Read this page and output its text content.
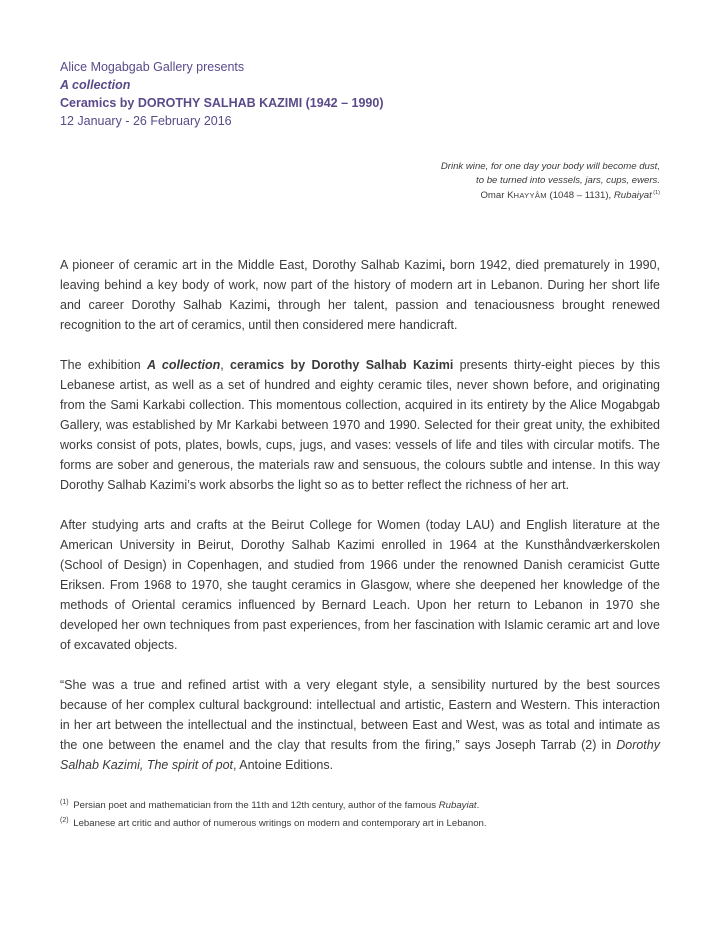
Alice Mogabgab Gallery presents
A collection
Ceramics by DOROTHY SALHAB KAZIMI (1942 – 1990)
12 January - 26 February 2016
Drink wine, for one day your body will become dust,
to be turned into vessels, jars, cups, ewers.
Omar KHAYYÂM (1048 – 1131), Rubaiyat $^{(1)}$

A pioneer of ceramic art in the Middle East, Dorothy Salhab Kazimi, born 1942, died prematurely in 1990, leaving behind a key body of work, now part of the history of modern art in Lebanon. During her short life and career Dorothy Salhab Kazimi, through her talent, passion and tenaciousness brought renewed recognition to the art of ceramics, until then considered mere handicraft.

The exhibition A collection, ceramics by Dorothy Salhab Kazimi presents thirty-eight pieces by this Lebanese artist, as well as a set of hundred and eighty ceramic tiles, never shown before, and originating from the Sami Karkabi collection. This momentous collection, acquired in its entirety by the Alice Mogabgab Gallery, was established by Mr Karkabi between 1970 and 1990. Selected for their great unity, the exhibited works consist of pots, plates, bowls, cups, jugs, and vases: vessels of life and tiles with circular motifs. The forms are sober and generous, the materials raw and sensuous, the colours subtle and intense. In this way Dorothy Salhab Kazimi’s work absorbs the light so as to better reflect the richness of her art.

After studying arts and crafts at the Beirut College for Women (today LAU) and English literature at the American University in Beirut, Dorothy Salhab Kazimi enrolled in 1964 at the Kunsthåndværkerskolen (School of Design) in Copenhagen, and studied from 1966 under the renowned Danish ceramicist Gutte Eriksen. From 1968 to 1970, she taught ceramics in Glasgow, where she deepened her knowledge of the methods of Oriental ceramics influenced by Bernard Leach. Upon her return to Lebanon in 1970 she developed her own techniques from past experiences, from her fascination with Islamic ceramic art and love of excavated objects.

“She was a true and refined artist with a very elegant style, a sensibility nurtured by the best sources because of her complex cultural background: intellectual and artistic, Eastern and Western. This interaction in her art between the intellectual and the instinctual, between East and West, was as total and intimate as the one between the enamel and the clay that results from the firing,” says Joseph Tarrab (2) in Dorothy Salhab Kazimi, The spirit of pot, Antoine Editions.

$^{(1)}$ Persian poet and mathematician from the 11th and 12th century, author of the famous Rubayiat.
$^{(2)}$ Lebanese art critic and author of numerous writings on modern and contemporary art in Lebanon.
